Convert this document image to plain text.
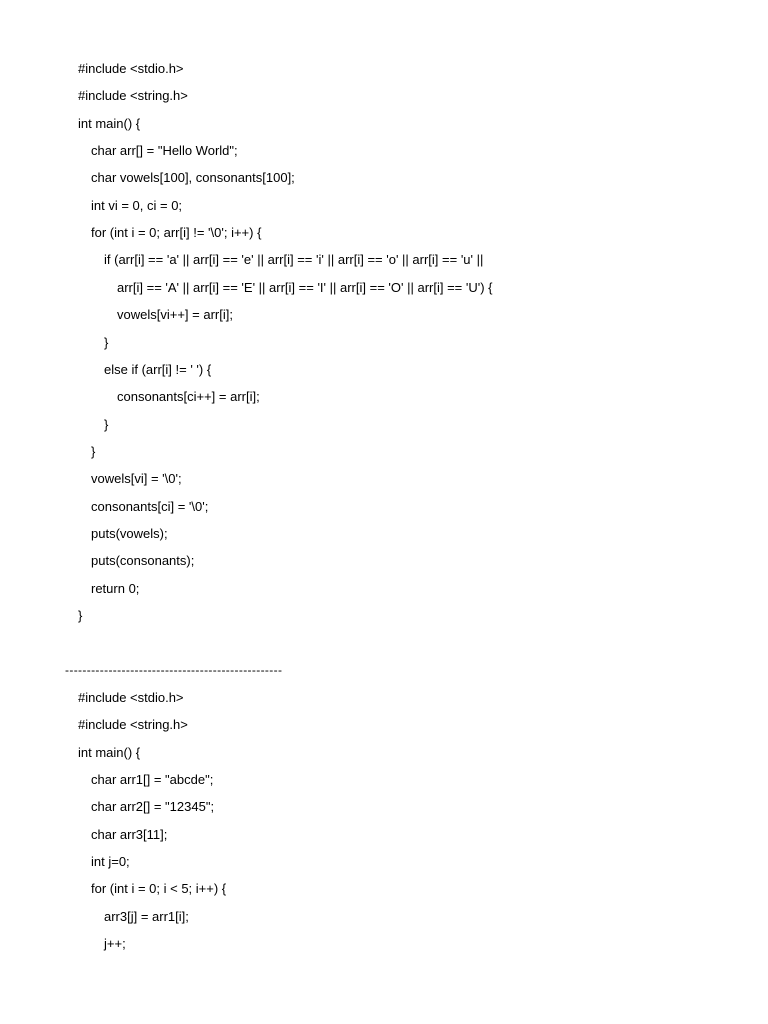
#include <stdio.h>
#include <string.h>
int main() {
char arr[] = "Hello World";
char vowels[100], consonants[100];
int vi = 0, ci = 0;
for (int i = 0; arr[i] != '\0'; i++) {
if (arr[i] == 'a' || arr[i] == 'e' || arr[i] == 'i' || arr[i] == 'o' || arr[i] == 'u' ||
arr[i] == 'A' || arr[i] == 'E' || arr[i] == 'I' || arr[i] == 'O' || arr[i] == 'U') {
vowels[vi++] = arr[i];
}
else if (arr[i] != ' ') {
consonants[ci++] = arr[i];
}
}
vowels[vi] = '\0';
consonants[ci] = '\0';
puts(vowels);
puts(consonants);
return 0;
}
--------------------------------------------------
#include <stdio.h>
#include <string.h>
int main() {
char arr1[] = "abcde";
char arr2[] = "12345";
char arr3[11];
int j=0;
for (int i = 0; i < 5; i++) {
arr3[j] = arr1[i];
j++;
